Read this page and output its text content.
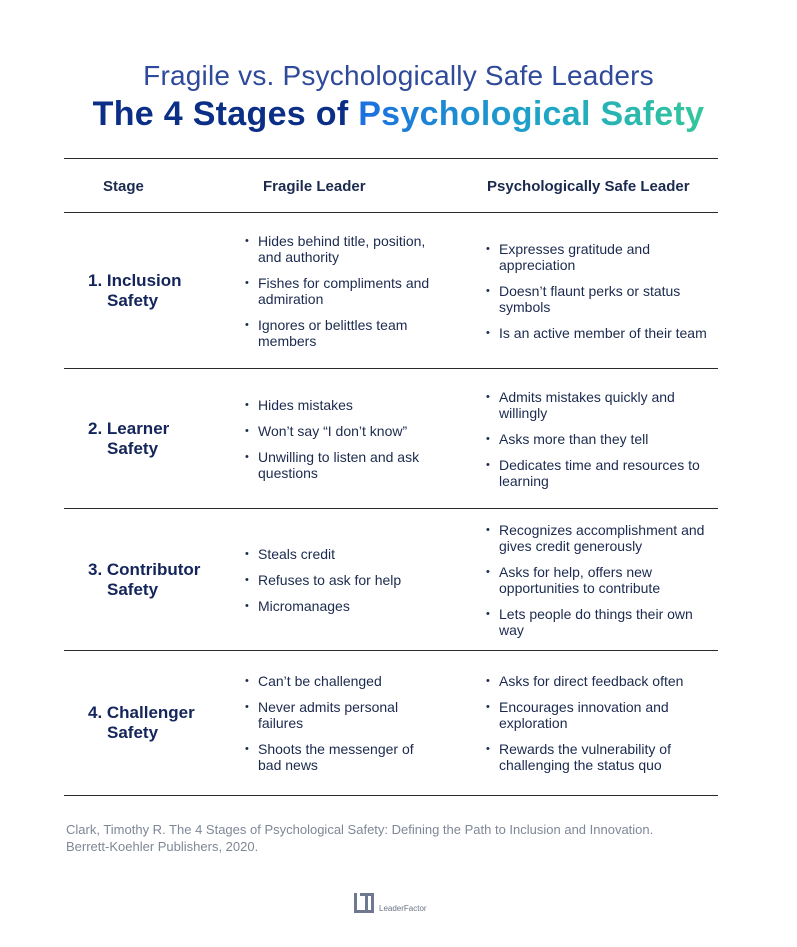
Fragile vs. Psychologically Safe Leaders
The 4 Stages of Psychological Safety
Stage	Fragile Leader	Psychologically Safe Leader
1. Inclusion
Safety
• Hides behind title, position, and authority
• Fishes for compliments and admiration
• Ignores or belittles team members
• Expresses gratitude and appreciation
• Doesn’t flaunt perks or status symbols
• Is an active member of their team
2. Learner
Safety
• Hides mistakes
• Won’t say “I don’t know”
• Unwilling to listen and ask questions
• Admits mistakes quickly and willingly
• Asks more than they tell
• Dedicates time and resources to learning
3. Contributor
Safety
• Steals credit
• Refuses to ask for help
• Micromanages
• Recognizes accomplishment and gives credit generously
• Asks for help, offers new opportunities to contribute
• Lets people do things their own way
4. Challenger
Safety
• Can’t be challenged
• Never admits personal failures
• Shoots the messenger of bad news
• Asks for direct feedback often
• Encourages innovation and exploration
• Rewards the vulnerability of challenging the status quo
Clark, Timothy R. The 4 Stages of Psychological Safety: Defining the Path to Inclusion and Innovation.
Berrett-Koehler Publishers, 2020.
LeaderFactor
